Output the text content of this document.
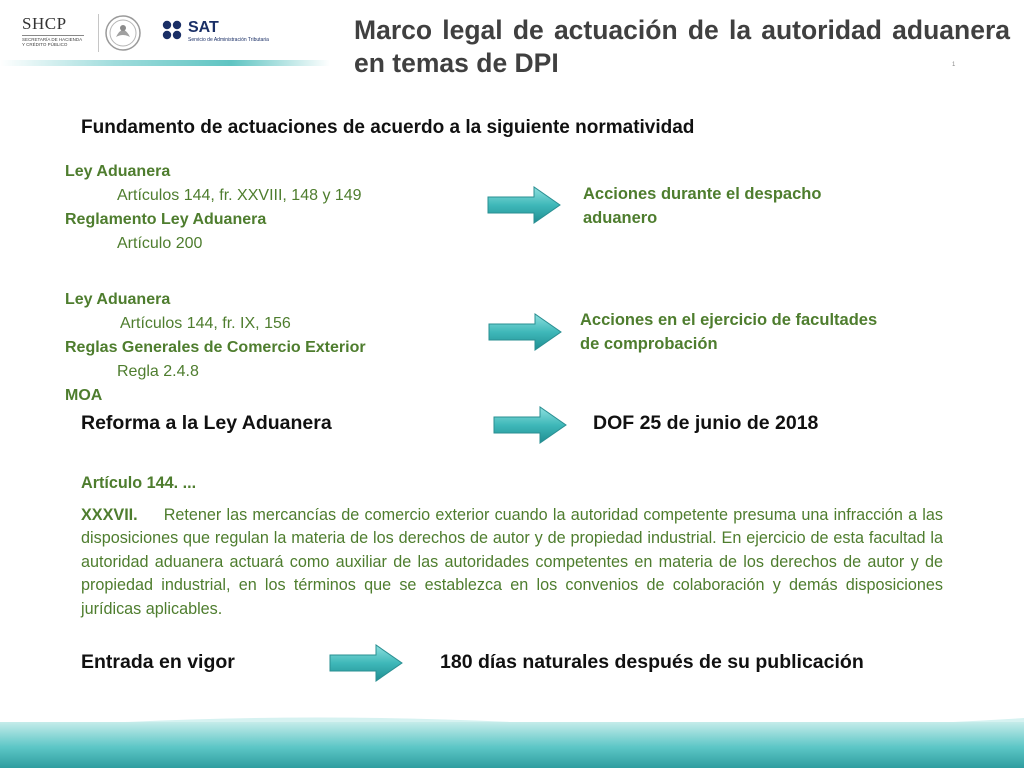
SHCP
SECRETARÍA DE HACIENDA
Y CRÉDITO PÚBLICO
SAT
Servicio de Administración Tributaria	Marco legal de actuación de la autoridad aduanera en temas de DPI	1
Fundamento de actuaciones de acuerdo a la siguiente normatividad
Ley Aduanera
Artículos 144, fr. XXVIII, 148 y 149
Reglamento Ley Aduanera
Artículo 200
Acciones durante el despacho
aduanero
Ley Aduanera
Artículos 144, fr. IX, 156
Reglas Generales de Comercio Exterior
Regla 2.4.8
MOA
Acciones en el ejercicio de facultades
de comprobación
Reforma a la Ley Aduanera	DOF 25 de junio de 2018
Artículo 144. ...
XXXVII. Retener las mercancías de comercio exterior cuando la autoridad competente presuma una infracción a las disposiciones que regulan la materia de los derechos de autor y de propiedad industrial. En ejercicio de esta facultad la autoridad aduanera actuará como auxiliar de las autoridades competentes en materia de los derechos de autor y de propiedad industrial, en los términos que se establezca en los convenios de colaboración y demás disposiciones jurídicas aplicables.
Entrada en vigor	180 días naturales después de su publicación
